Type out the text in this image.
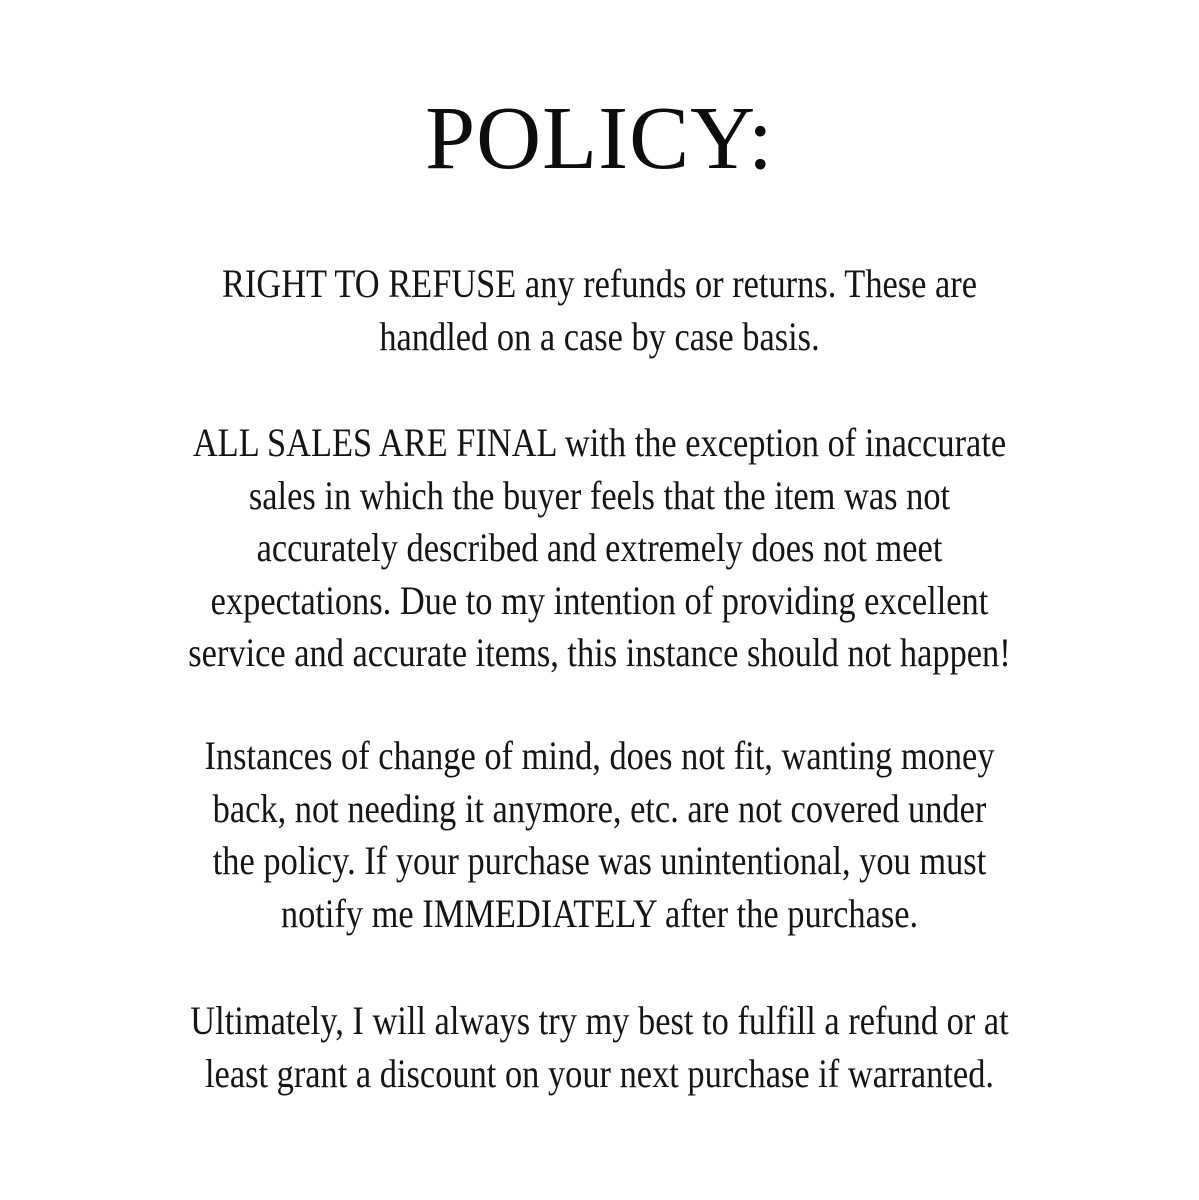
POLICY:
RIGHT TO REFUSE any refunds or returns. These are
handled on a case by case basis.
ALL SALES ARE FINAL with the exception of inaccurate
sales in which the buyer feels that the item was not
accurately described and extremely does not meet
expectations. Due to my intention of providing excellent
service and accurate items, this instance should not happen!
Instances of change of mind, does not fit, wanting money
back, not needing it anymore, etc. are not covered under
the policy. If your purchase was unintentional, you must
notify me IMMEDIATELY after the purchase.
Ultimately, I will always try my best to fulfill a refund or at
least grant a discount on your next purchase if warranted.
